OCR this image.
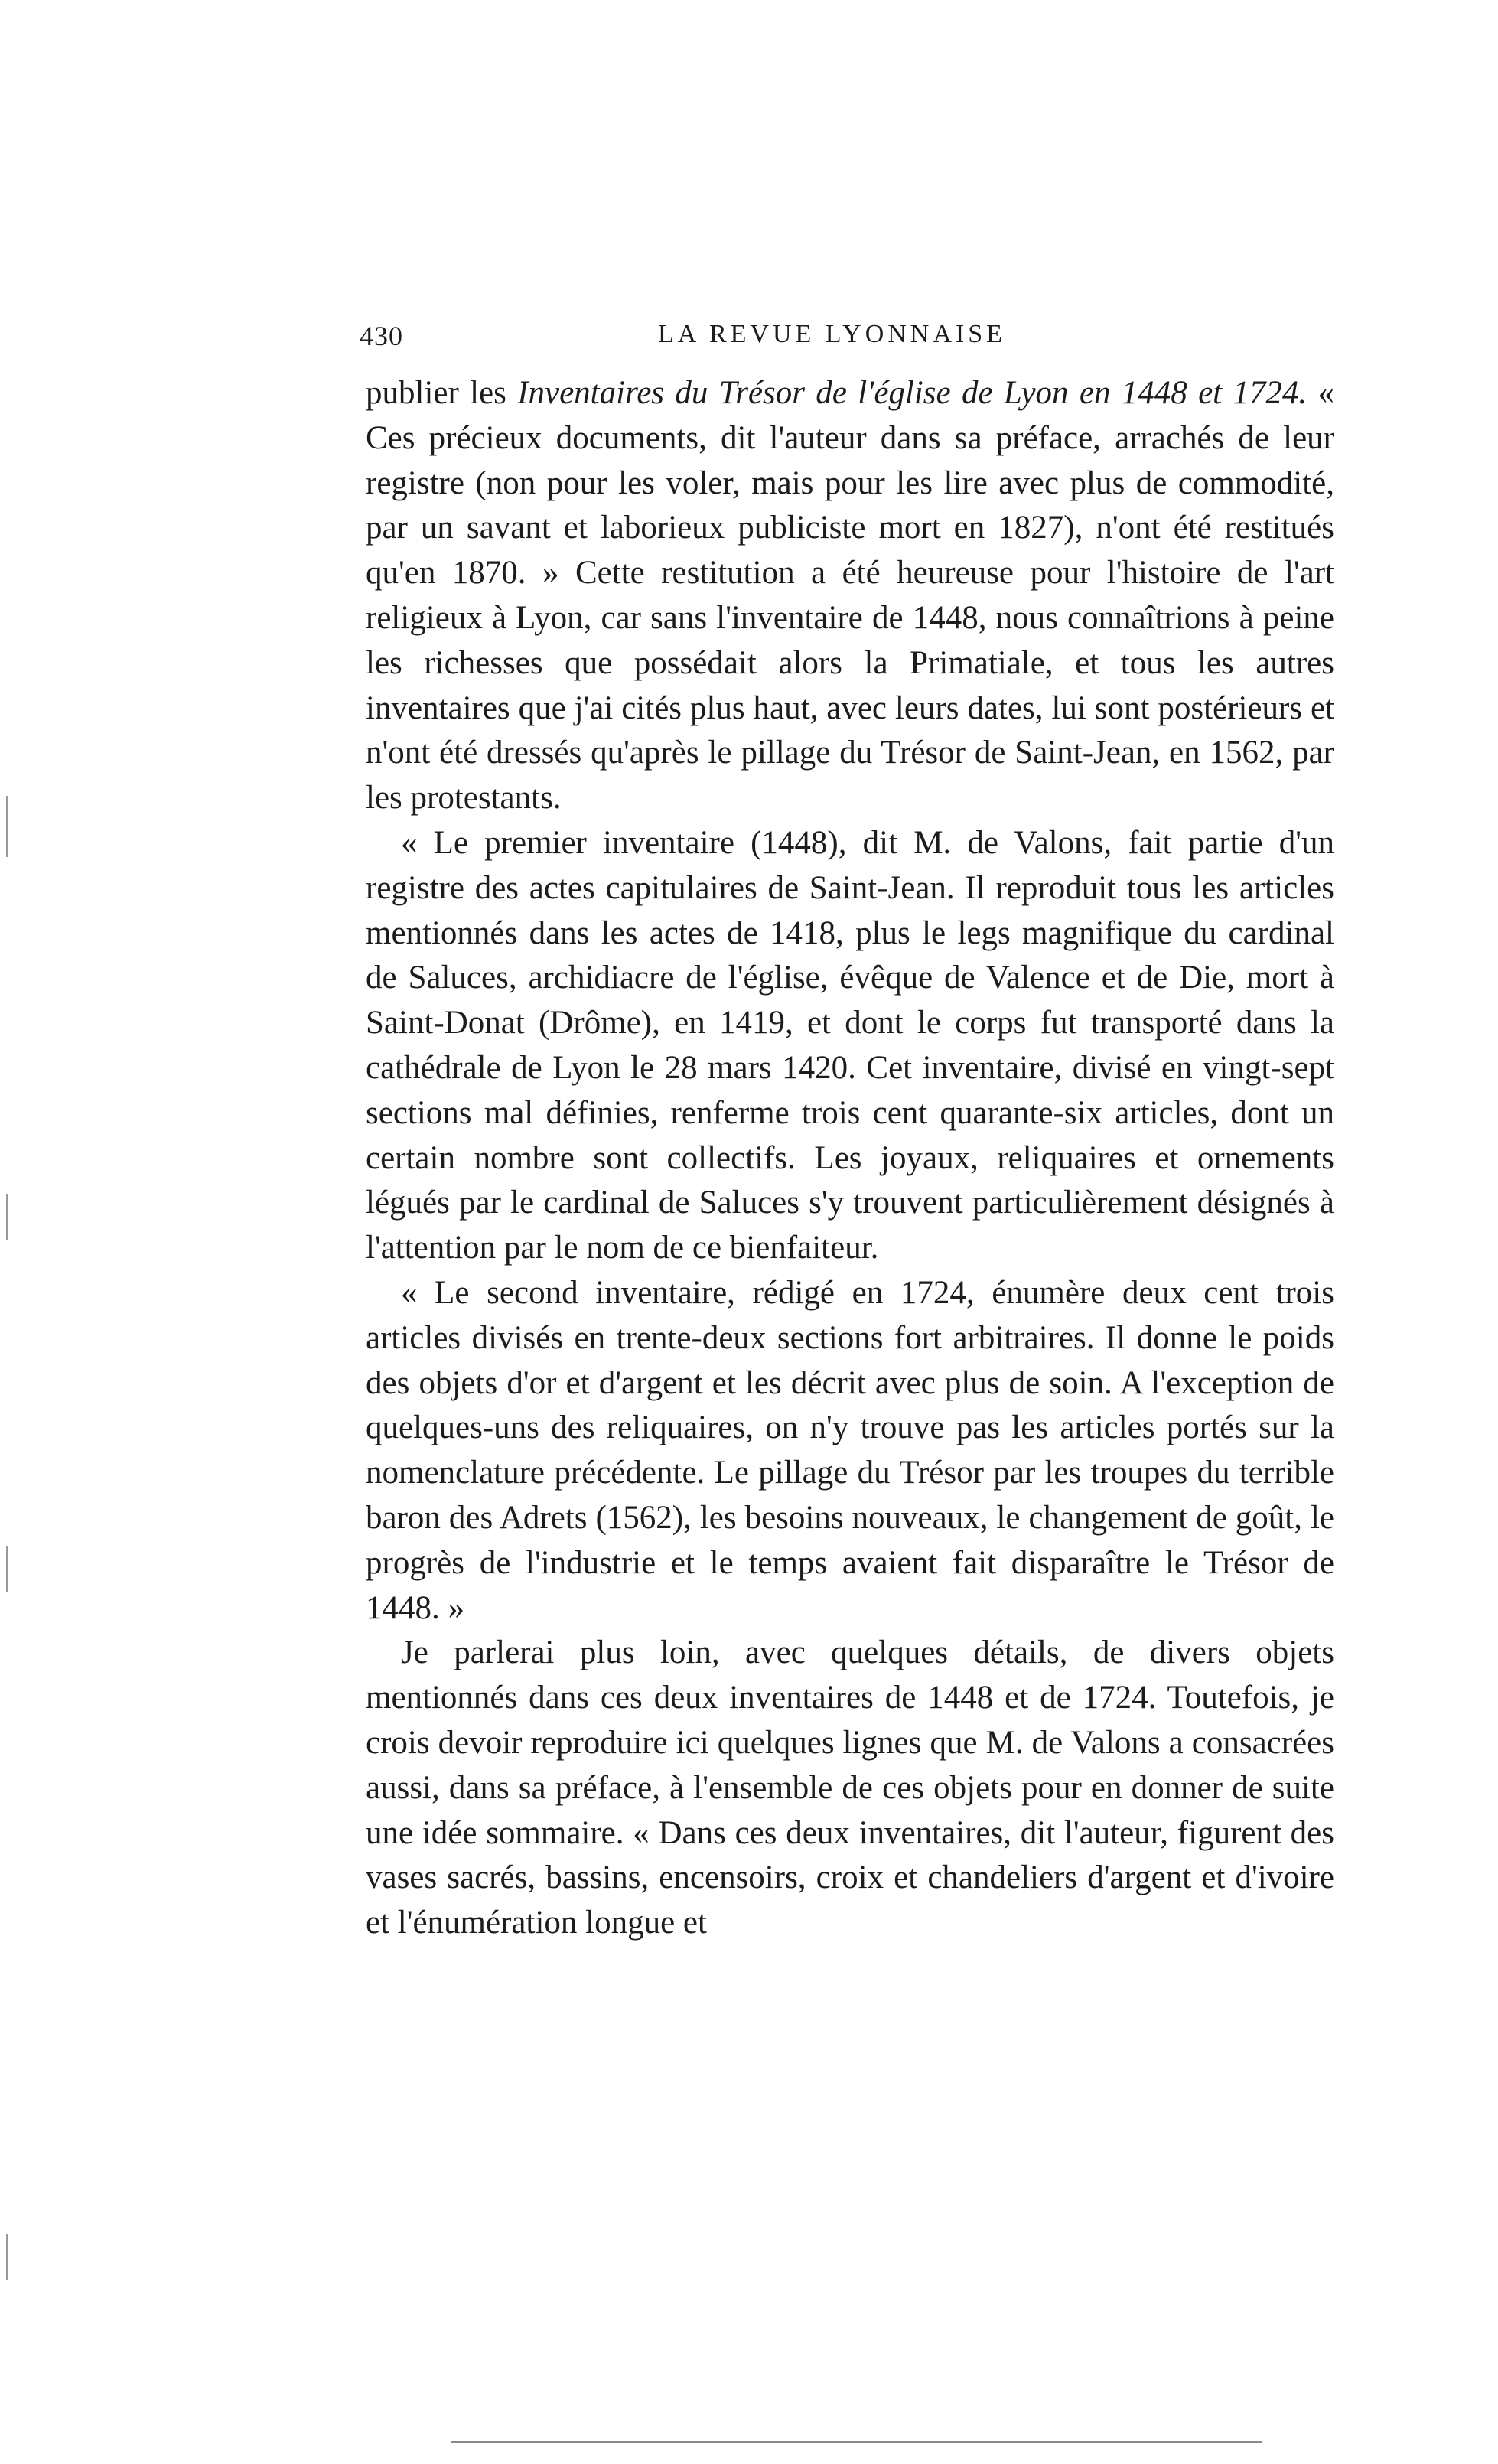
430	LA REVUE LYONNAISE

publier les Inventaires du Trésor de l'église de Lyon en 1448 et 1724. « Ces précieux documents, dit l'auteur dans sa préface, arrachés de leur registre (non pour les voler, mais pour les lire avec plus de commodité, par un savant et laborieux publiciste mort en 1827), n'ont été restitués qu'en 1870. » Cette restitution a été heureuse pour l'histoire de l'art religieux à Lyon, car sans l'inventaire de 1448, nous connaîtrions à peine les richesses que possédait alors la Primatiale, et tous les autres inventaires que j'ai cités plus haut, avec leurs dates, lui sont postérieurs et n'ont été dressés qu'après le pillage du Trésor de Saint-Jean, en 1562, par les protestants.

« Le premier inventaire (1448), dit M. de Valons, fait partie d'un registre des actes capitulaires de Saint-Jean. Il reproduit tous les articles mentionnés dans les actes de 1418, plus le legs magnifique du cardinal de Saluces, archidiacre de l'église, évêque de Valence et de Die, mort à Saint-Donat (Drôme), en 1419, et dont le corps fut transporté dans la cathédrale de Lyon le 28 mars 1420. Cet inventaire, divisé en vingt-sept sections mal définies, renferme trois cent quarante-six articles, dont un certain nombre sont collectifs. Les joyaux, reliquaires et ornements légués par le cardinal de Saluces s'y trouvent particulièrement désignés à l'attention par le nom de ce bienfaiteur.

« Le second inventaire, rédigé en 1724, énumère deux cent trois articles divisés en trente-deux sections fort arbitraires. Il donne le poids des objets d'or et d'argent et les décrit avec plus de soin. A l'exception de quelques-uns des reliquaires, on n'y trouve pas les articles portés sur la nomenclature précédente. Le pillage du Trésor par les troupes du terrible baron des Adrets (1562), les besoins nouveaux, le changement de goût, le progrès de l'industrie et le temps avaient fait disparaître le Trésor de 1448. »

Je parlerai plus loin, avec quelques détails, de divers objets mentionnés dans ces deux inventaires de 1448 et de 1724. Toutefois, je crois devoir reproduire ici quelques lignes que M. de Valons a consacrées aussi, dans sa préface, à l'ensemble de ces objets pour en donner de suite une idée sommaire. « Dans ces deux inventaires, dit l'auteur, figurent des vases sacrés, bassins, encensoirs, croix et chandeliers d'argent et d'ivoire et l'énumération longue et
